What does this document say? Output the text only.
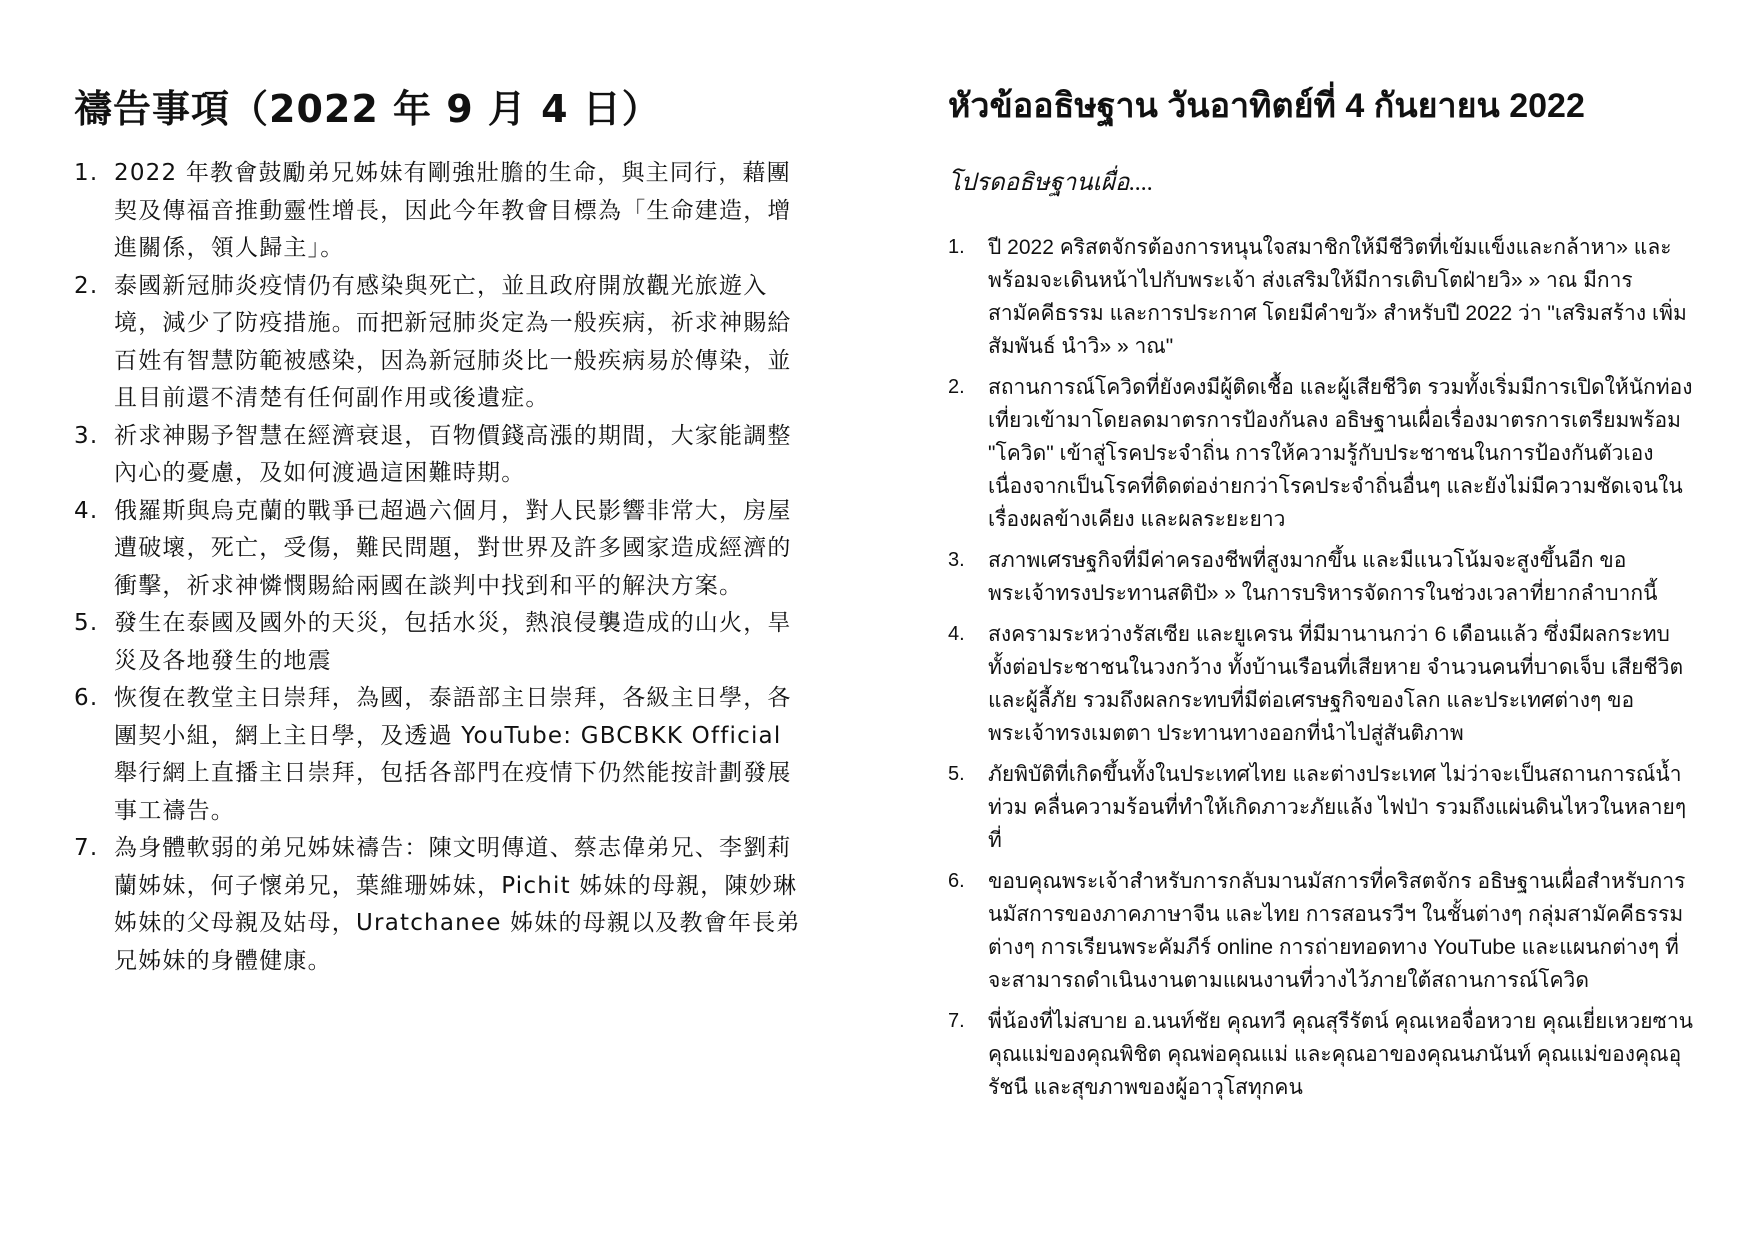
禱告事項（2022 年 9 月 4 日）
1. 2022 年教會鼓勵弟兄姊妹有剛強壯膽的生命，與主同行，藉團契及傳福音推動靈性增長，因此今年教會目標為「生命建造，增進關係，領人歸主」。
2. 泰國新冠肺炎疫情仍有感染與死亡，並且政府開放觀光旅遊入境，減少了防疫措施。而把新冠肺炎定為一般疾病，祈求神賜給百姓有智慧防範被感染，因為新冠肺炎比一般疾病易於傳染，並且目前還不清楚有任何副作用或後遺症。
3. 祈求神賜予智慧在經濟衰退，百物價錢高漲的期間，大家能調整內心的憂慮，及如何渡過這困難時期。
4. 俄羅斯與烏克蘭的戰爭已超過六個月，對人民影響非常大，房屋遭破壞，死亡，受傷，難民問題，對世界及許多國家造成經濟的衝擊，祈求神憐憫賜給兩國在談判中找到和平的解決方案。
5. 發生在泰國及國外的天災，包括水災，熱浪侵襲造成的山火，旱災及各地發生的地震
6. 恢復在教堂主日崇拜，為國，泰語部主日崇拜，各級主日學，各團契小組，網上主日學，及透過 YouTube: GBCBKK Official 舉行網上直播主日崇拜，包括各部門在疫情下仍然能按計劃發展事工禱告。
7. 為身體軟弱的弟兄姊妹禱告：陳文明傳道、蔡志偉弟兄、李劉莉蘭姊妹，何子懷弟兄，葉維珊姊妹，Pichit 姊妹的母親，陳妙琳姊妹的父母親及姑母，Uratchanee 姊妹的母親以及教會年長弟兄姊妹的身體健康。
หัวข้ออธิษฐาน วันอาทิตย์ที่ 4 กันยายน 2022

โปรดอธิษฐานเผื่อ....

1. ปี 2022 คริสตจักรต้องการหนุนใจสมาชิกให้มีชีวิตที่เข้มแข็งและกล้าหา» และพร้อมจะเดินหน้าไปกับพระเจ้า ส่งเสริมให้มีการเติบโตฝ่ายวิ» » าณ มีการสามัคคีธรรม และการประกาศ โดยมีคำขวั» สำหรับปี 2022 ว่า "เสริมสร้าง เพิ่มสัมพันธ์ นำวิ» » าณ"
2. สถานการณ์โควิดที่ยังคงมีผู้ติดเชื้อ และผู้เสียชีวิต รวมทั้งเริ่มมีการเปิดให้นักท่องเที่ยวเข้ามาโดยลดมาตรการป้องกันลง อธิษฐานเผื่อเรื่องมาตรการเตรียมพร้อม "โควิด" เข้าสู่โรคประจำถิ่น การให้ความรู้กับประชาชนในการป้องกันตัวเอง เนื่องจากเป็นโรคที่ติดต่อง่ายกว่าโรคประจำถิ่นอื่นๆ และยังไม่มีความชัดเจนในเรื่องผลข้างเคียง และผลระยะยาว
3. สภาพเศรษฐกิจที่มีค่าครองชีพที่สูงมากขึ้น และมีแนวโน้มจะสูงขึ้นอีก ขอพระเจ้าทรงประทานสติปั» » ในการบริหารจัดการในช่วงเวลาที่ยากลำบากนี้
4. สงครามระหว่างรัสเซีย และยูเครน ที่มีมานานกว่า 6 เดือนแล้ว ซึ่งมีผลกระทบทั้งต่อประชาชนในวงกว้าง ทั้งบ้านเรือนที่เสียหาย จำนวนคนที่บาดเจ็บ เสียชีวิต และผู้ลี้ภัย รวมถึงผลกระทบที่มีต่อเศรษฐกิจของโลก และประเทศต่างๆ ขอพระเจ้าทรงเมตตา ประทานทางออกที่นำไปสู่สันติภาพ
5. ภัยพิบัติที่เกิดขึ้นทั้งในประเทศไทย และต่างประเทศ ไม่ว่าจะเป็นสถานการณ์น้ำท่วม คลื่นความร้อนที่ทำให้เกิดภาวะภัยแล้ง ไฟป่า รวมถึงแผ่นดินไหวในหลายๆ ที่
6. ขอบคุณพระเจ้าสำหรับการกลับมานมัสการที่คริสตจักร อธิษฐานเผื่อสำหรับการนมัสการของภาคภาษาจีน และไทย การสอนรวีฯ ในชั้นต่างๆ กลุ่มสามัคคีธรรมต่างๆ การเรียนพระคัมภีร์ online การถ่ายทอดทาง YouTube และแผนกต่างๆ ที่จะสามารถดำเนินงานตามแผนงานที่วางไว้ภายใต้สถานการณ์โควิด
7. พี่น้องที่ไม่สบาย อ.นนท์ชัย คุณทวี คุณสุรีรัตน์ คุณเหอจื่อหวาย คุณเยี่ยเหวยซาน คุณแม่ของคุณพิชิต คุณพ่อคุณแม่ และคุณอาของคุณนภนันท์ คุณแม่ของคุณอุรัชนี และสุขภาพของผู้อาวุโสทุกคน
